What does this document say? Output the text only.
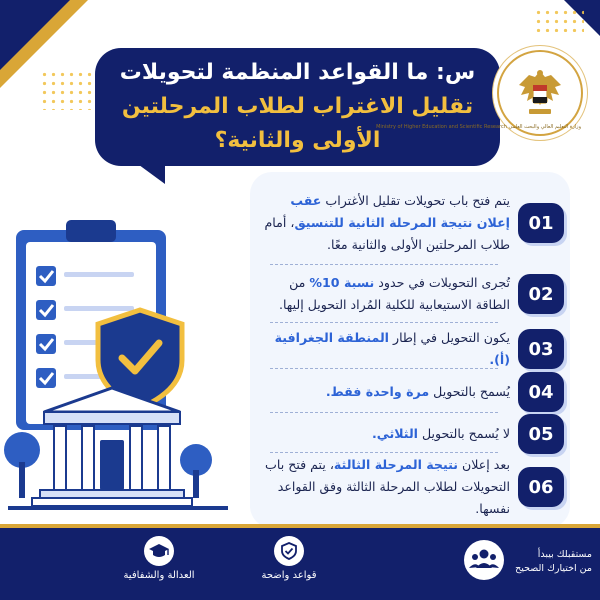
س: ما القواعد المنظمة لتحويلات
تقليل الاغتراب لطلاب المرحلتين
الأولى والثانية؟
وزارة التعليم العالي والبحث العلمي Ministry of Higher Education and Scientific Research
01
يتم فتح باب تحويلات تقليل الأغتراب عقب إعلان نتيجة المرحلة الثانية للتنسيق، أمام طلاب المرحلتين الأولى والثانية معًا.
02
تُجرى التحويلات في حدود نسبة 10% من الطاقة الاستيعابية للكلية المُراد التحويل إليها.
03
يكون التحويل في إطار المنطقة الجغرافية (أ).
04
يُسمح بالتحويل مرة واحدة فقط.
05
لا يُسمح بالتحويل الثلاثي.
06
بعد إعلان نتيجة المرحلة الثالثة، يتم فتح باب التحويلات لطلاب المرحلة الثالثة وفق القواعد نفسها.
مستقبلك بيبدأ
من اختيارك الصحيح
قواعد واضحة
العدالة والشفافية
